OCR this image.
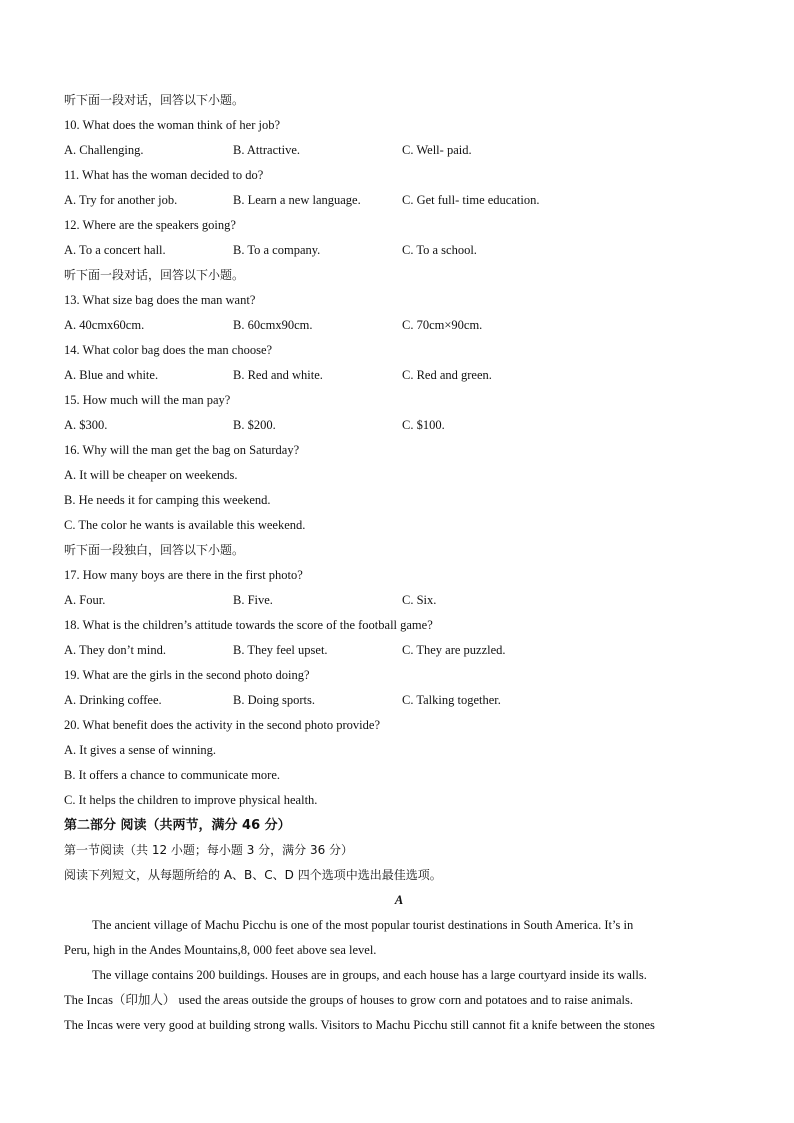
听下面一段对话，回答以下小题。
10. What does the woman think of her job?
A. Challenging.	B. Attractive.	C. Well- paid.
11. What has the woman decided to do?
A. Try for another job.	B. Learn a new language.	C. Get full- time education.
12. Where are the speakers going?
A. To a concert hall.	B. To a company.	C. To a school.
听下面一段对话，回答以下小题。
13. What size bag does the man want?
A. 40cmx60cm.	B. 60cmx90cm.	C. 70cm×90cm.
14. What color bag does the man choose?
A. Blue and white.	B. Red and white.	C. Red and green.
15. How much will the man pay?
A. $300.	B. $200.	C. $100.
16. Why will the man get the bag on Saturday?
A. It will be cheaper on weekends.
B. He needs it for camping this weekend.
C. The color he wants is available this weekend.
听下面一段独白，回答以下小题。
17. How many boys are there in the first photo?
A. Four.	B. Five.	C. Six.
18. What is the children’s attitude towards the score of the football game?
A. They don’t mind.	B. They feel upset.	C. They are puzzled.
19. What are the girls in the second photo doing?
A. Drinking coffee.	B. Doing sports.	C. Talking together.
20. What benefit does the activity in the second photo provide?
A. It gives a sense of winning.
B. It offers a chance to communicate more.
C. It helps the children to improve physical health.
第二部分 阅读（共两节，满分 46 分）
第一节阅读（共 12 小题；每小题 3 分，满分 36 分）
阅读下列短文，从每题所给的 A、B、C、D 四个选项中选出最佳选项。
A
The ancient village of Machu Picchu is one of the most popular tourist destinations in South America. It’s in
Peru, high in the Andes Mountains,8, 000 feet above sea level.
The village contains 200 buildings. Houses are in groups, and each house has a large courtyard inside its walls.
The Incas（印加人） used the areas outside the groups of houses to grow corn and potatoes and to raise animals.
The Incas were very good at building strong walls. Visitors to Machu Picchu still cannot fit a knife between the stones
